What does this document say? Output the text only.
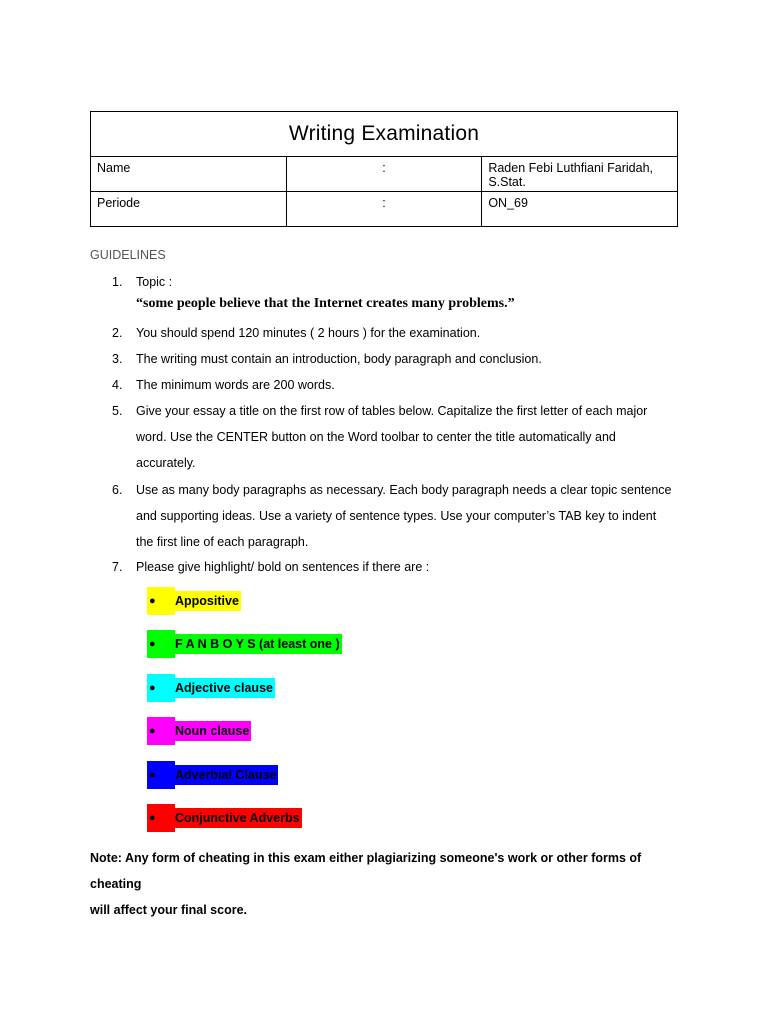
Writing Examination		
Name	:	Raden Febi Luthfiani Faridah, S.Stat.
Periode	:	ON_69
GUIDELINES
1.	Topic :
“some people believe that the Internet creates many problems.”
2.	You should spend 120 minutes ( 2 hours ) for the examination.
3.	The writing must contain an introduction, body paragraph and conclusion.
4.	The minimum words are 200 words.
5.	Give your essay a title on the first row of tables below. Capitalize the first letter of each major
word. Use the CENTER button on the Word toolbar to center the title automatically and
accurately.
6.	Use as many body paragraphs as necessary. Each body paragraph needs a clear topic sentence
and supporting ideas. Use a variety of sentence types. Use your computer’s TAB key to indent
the first line of each paragraph.
7.	Please give highlight/ bold on sentences if there are :
●	Appositive
●	F A N B O Y S (at least one )
●	Adjective clause
●	Noun clause
●	Adverbial Clause
●	Conjunctive Adverbs
Note: Any form of cheating in this exam either plagiarizing someone's work or other forms of cheating
will affect your final score.
